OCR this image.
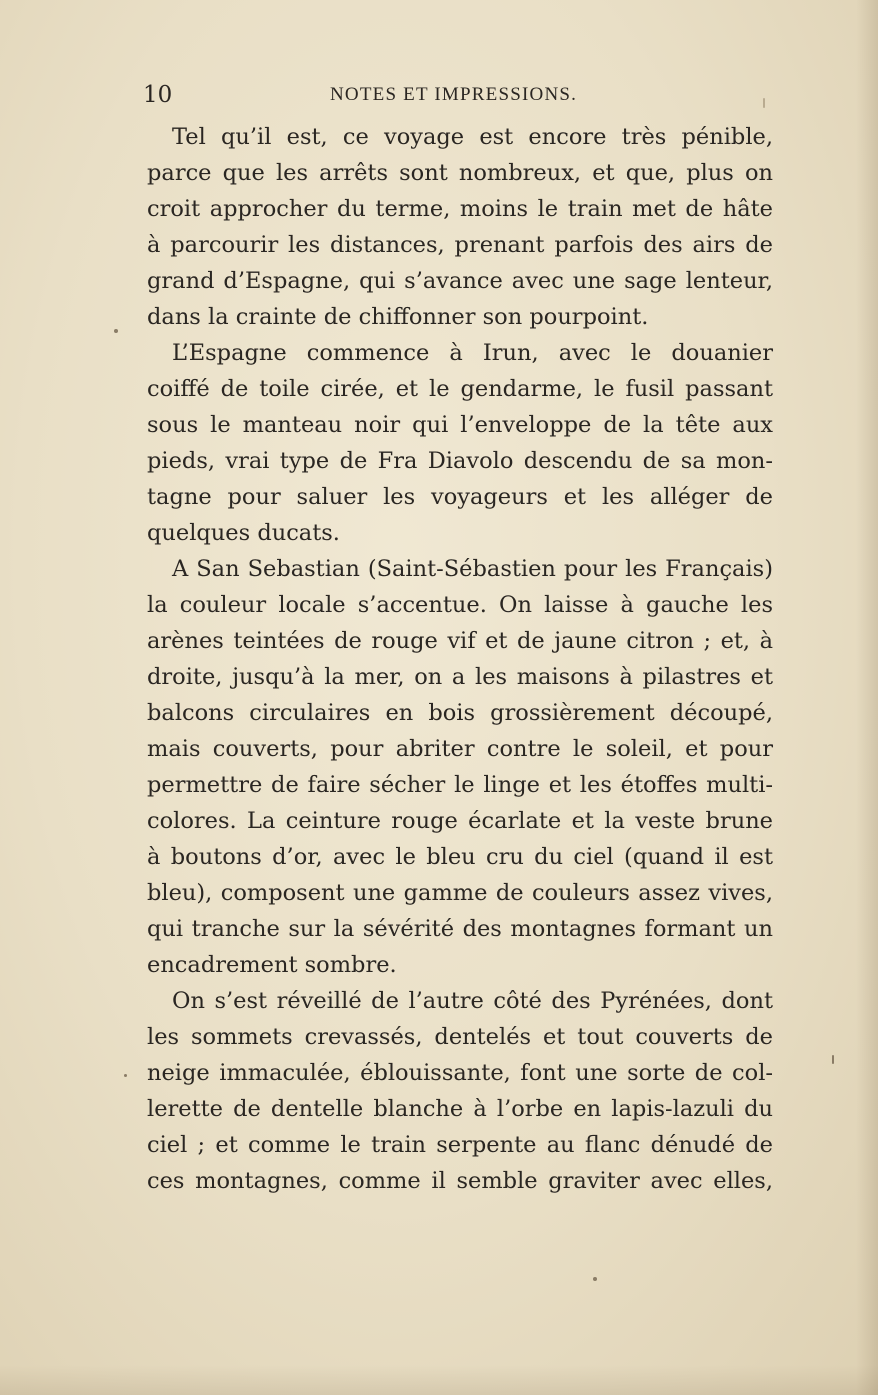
10	NOTES ET IMPRESSIONS.
Tel qu’il est, ce voyage est encore très pénible,
parce que les arrêts sont nombreux, et que, plus on
croit approcher du terme, moins le train met de hâte
à parcourir les distances, prenant parfois des airs de
grand d’Espagne, qui s’avance avec une sage lenteur,
dans la crainte de chiffonner son pourpoint.
L’Espagne commence à Irun, avec le douanier
coiffé de toile cirée, et le gendarme, le fusil passant
sous le manteau noir qui l’enveloppe de la tête aux
pieds, vrai type de Fra Diavolo descendu de sa mon-
tagne pour saluer les voyageurs et les alléger de
quelques ducats.
A San Sebastian (Saint-Sébastien pour les Français)
la couleur locale s’accentue. On laisse à gauche les
arènes teintées de rouge vif et de jaune citron ; et, à
droite, jusqu’à la mer, on a les maisons à pilastres et
balcons circulaires en bois grossièrement découpé,
mais couverts, pour abriter contre le soleil, et pour
permettre de faire sécher le linge et les étoffes multi-
colores. La ceinture rouge écarlate et la veste brune
à boutons d’or, avec le bleu cru du ciel (quand il est
bleu), composent une gamme de couleurs assez vives,
qui tranche sur la sévérité des montagnes formant un
encadrement sombre.
On s’est réveillé de l’autre côté des Pyrénées, dont
les sommets crevassés, dentelés et tout couverts de
neige immaculée, éblouissante, font une sorte de col-
lerette de dentelle blanche à l’orbe en lapis-lazuli du
ciel ; et comme le train serpente au flanc dénudé de
ces montagnes, comme il semble graviter avec elles,
